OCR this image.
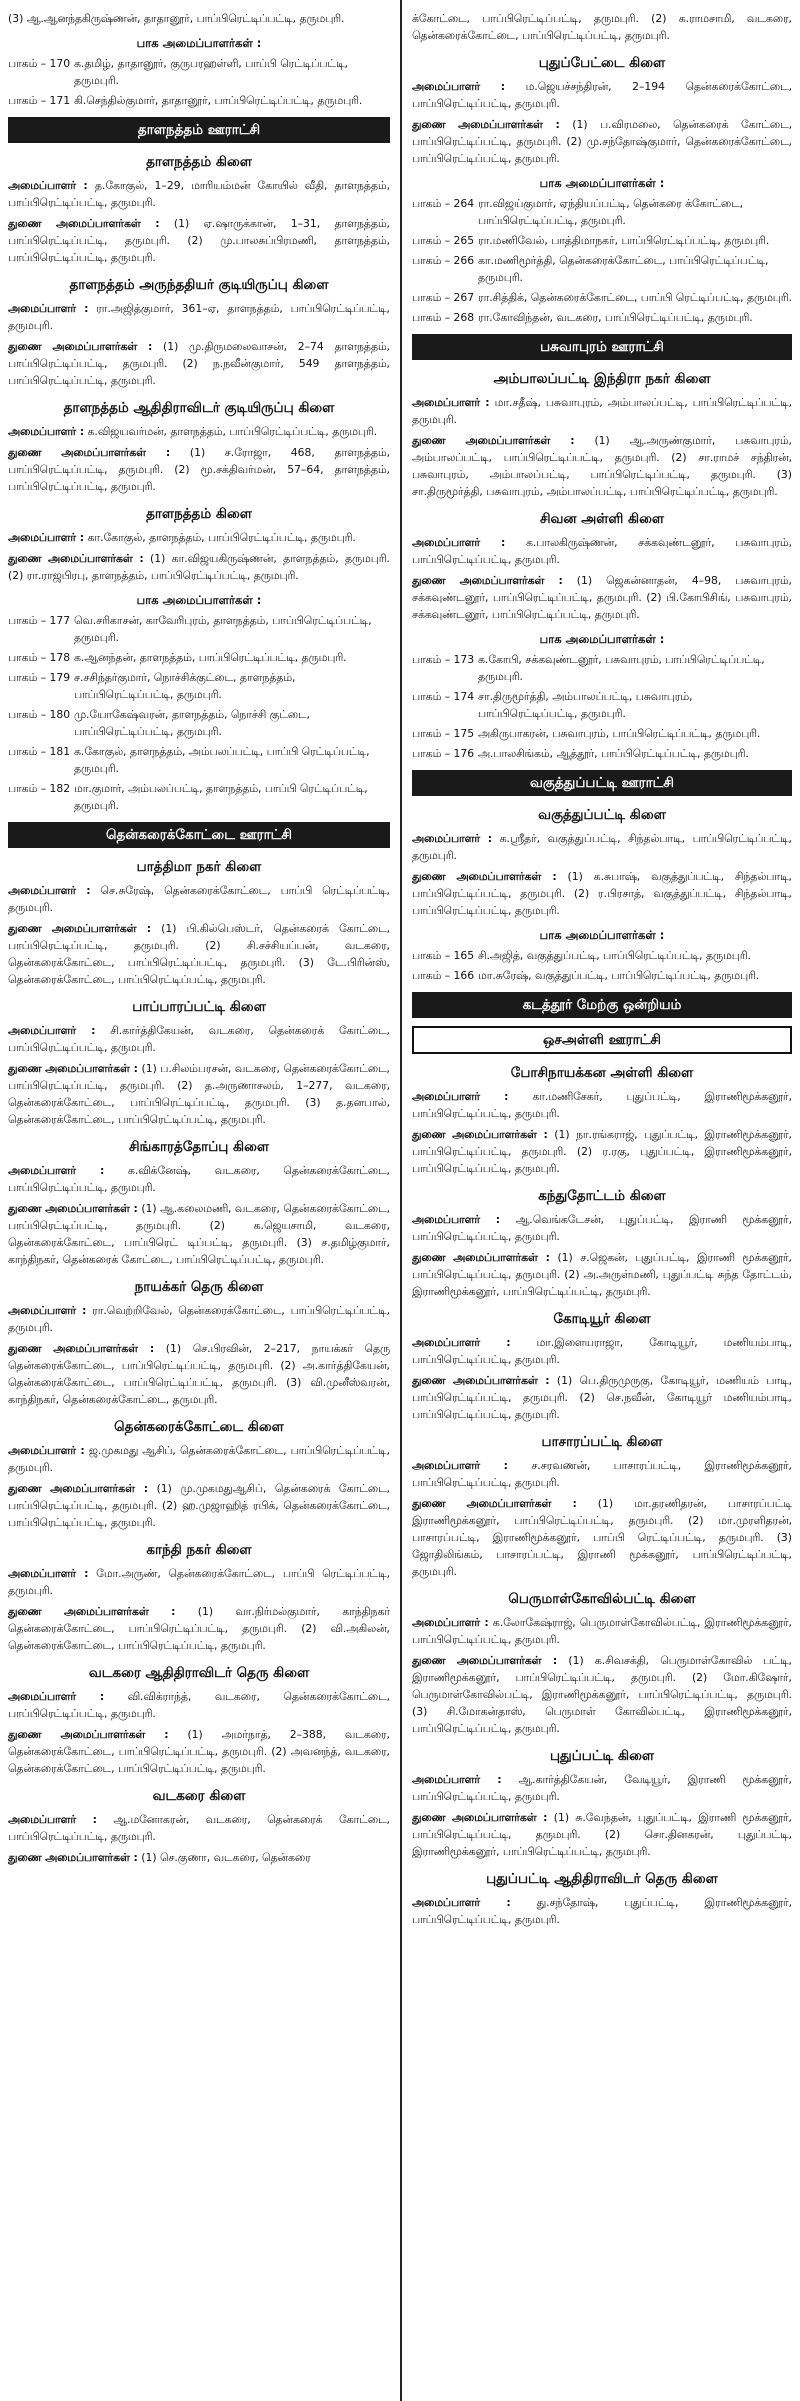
(3) ஆ.ஆனந்தகிருஷ்ணன், தாதானூர், பாப்பிரெட்டிப்பட்டி, தருமபுரி.
பாக அமைப்பாளர்கள் :
பாகம் – 170 க.தமிழ், தாதானூர், குருபரஹள்ளி, பாப்பி ரெட்டிப்பட்டி, தருமபுரி.
பாகம் – 171 கி.செந்தில்குமார், தாதானூர், பாப்பிரெட்டிப்பட்டி, தருமபுரி.
தாளநத்தம் ஊராட்சி
தாளநத்தம் கிளை
அமைப்பாளர் : த.கோகுல், 1–29, மாரியம்மன் கோயில் வீதி, தாளநத்தம், பாப்பிரெட்டிப்பட்டி, தருமபுரி.
துணை அமைப்பாளர்கள் : (1) ஏ.ஷாருக்கான், 1–31, தாளநத்தம், பாப்பிரெட்டிப்பட்டி, தருமபுரி. (2) மு.பாலசுப்பிரமணி, தாளநத்தம், பாப்பிரெட்டிப்பட்டி, தருமபுரி.
தாளநத்தம் அருந்ததியர் குடியிருப்பு கிளை
அமைப்பாளர் : ரா.அஜித்குமார், 361–ஏ, தாளநத்தம், பாப்பிரெட்டிப்பட்டி, தருமபுரி.
துணை அமைப்பாளர்கள் : (1) மு.திருமலைவாசன், 2–74 தாளநத்தம், பாப்பிரெட்டிப்பட்டி, தருமபுரி. (2) ந.நவீன்குமார், 549 தாளநத்தம், பாப்பிரெட்டிப்பட்டி, தருமபுரி.
தாளநத்தம் ஆதிதிராவிடர் குடியிருப்பு கிளை
அமைப்பாளர் : க.விஜயவர்மன், தாளநத்தம், பாப்பிரெட்டிப்பட்டி, தருமபுரி.
துணை அமைப்பாளர்கள் : (1) ச.ரோஜா, 468, தாளநத்தம், பாப்பிரெட்டிப்பட்டி, தருமபுரி. (2) மூ.சக்திவர்மன், 57–64, தாளநத்தம், பாப்பிரெட்டிப்பட்டி, தருமபுரி.
தாளநத்தம் கிளை
அமைப்பாளர் : கா.கோகுல், தாளநத்தம், பாப்பிரெட்டிப்பட்டி, தருமபுரி.
துணை அமைப்பாளர்கள் : (1) கா.விஜயகிருஷ்ணன், தாளநத்தம், தருமபுரி. (2) ரா.ராஜபிரபு, தாளநத்தம், பாப்பிரெட்டிப்பட்டி, தருமபுரி.
பாக அமைப்பாளர்கள் :
பாகம் – 177 வெ.சரிகாசன், காவேரிபுரம், தாளநத்தம், பாப்பிரெட்டிப்பட்டி, தருமபுரி.
பாகம் – 178 க.ஆனந்தன், தாளநத்தம், பாப்பிரெட்டிப்பட்டி, தருமபுரி.
பாகம் – 179 ச.சசிந்தர்குமார், நொச்சிக்குட்டை, தாளநத்தம், பாப்பிரெட்டிப்பட்டி, தருமபுரி.
பாகம் – 180 மு.யோகேஷ்வரன், தாளநத்தம், நொச்சி குட்டை, பாப்பிரெட்டிப்பட்டி, தருமபுரி.
பாகம் – 181 க.கோகுல், தாளநத்தம், அம்பலப்பட்டி, பாப்பி ரெட்டிப்பட்டி, தருமபுரி.
பாகம் – 182 மா.குமார், அம்பலப்பட்டி, தாளநத்தம், பாப்பி ரெட்டிப்பட்டி, தருமபுரி.
தென்கரைக்கோட்டை ஊராட்சி
பாத்திமா நகர் கிளை
அமைப்பாளர் : செ.சுரேஷ், தென்கரைக்கோட்டை, பாப்பி ரெட்டிப்பட்டி, தருமபுரி.
துணை அமைப்பாளர்கள் : (1) பி.கில்பெஸ்டர், தென்கரைக் கோட்டை, பாப்பிரெட்டிப்பட்டி, தருமபுரி. (2) சி.சச்சியப்பன், வடகரை, தென்கரைக்கோட்டை, பாப்பிரெட்டிப்பட்டி, தருமபுரி. (3) டே.பிரின்ஸ், தென்கரைக்கோட்டை, பாப்பிரெட்டிப்பட்டி, தருமபுரி.
பாப்பாரப்பட்டி கிளை
அமைப்பாளர் : சி.கார்த்திகேயன், வடகரை, தென்கரைக் கோட்டை, பாப்பிரெட்டிப்பட்டி, தருமபுரி.
துணை அமைப்பாளர்கள் : (1) ப.சிலம்பரசன், வடகரை, தென்கரைக்கோட்டை, பாப்பிரெட்டிப்பட்டி, தருமபுரி. (2) த.அருணாசலம், 1–277, வடகரை, தென்கரைக்கோட்டை, பாப்பிரெட்டிப்பட்டி, தருமபுரி. (3) த.தனபால், தென்கரைக்கோட்டை, பாப்பிரெட்டிப்பட்டி, தருமபுரி.
சிங்காரத்தோப்பு கிளை
அமைப்பாளர் : க.விக்னேஷ், வடகரை, தென்கரைக்கோட்டை, பாப்பிரெட்டிப்பட்டி, தருமபுரி.
துணை அமைப்பாளர்கள் : (1) ஆ.கலைமணி, வடகரை, தென்கரைக்கோட்டை, பாப்பிரெட்டிப்பட்டி, தருமபுரி. (2) க.ஜெயசாமி, வடகரை, தென்கரைக்கோட்டை, பாப்பிரெட் டிப்பட்டி, தருமபுரி. (3) ச.தமிழ்குமார், காந்திநகர், தென்கரைக் கோட்டை, பாப்பிரெட்டிப்பட்டி, தருமபுரி.
நாயக்கர் தெரு கிளை
அமைப்பாளர் : ரா.வெற்றிவேல், தென்கரைக்கோட்டை, பாப்பிரெட்டிப்பட்டி, தருமபுரி.
துணை அமைப்பாளர்கள் : (1) செ.பிரவின், 2–217, நாயக்கர் தெரு தென்கரைக்கோட்டை, பாப்பிரெட்டிப்பட்டி, தருமபுரி. (2) அ.கார்த்திகேயன், தென்கரைக்கோட்டை, பாப்பிரெட்டிப்பட்டி, தருமபுரி. (3) வி.முனீஸ்வரன், காந்திநகர், தென்கரைக்கோட்டை, தருமபுரி.
தென்கரைக்கோட்டை கிளை
அமைப்பாளர் : ஜ.முகமது ஆசிப், தென்கரைக்கோட்டை, பாப்பிரெட்டிப்பட்டி, தருமபுரி.
துணை அமைப்பாளர்கள் : (1) மு.முகமதுஆசிப், தென்கரைக் கோட்டை, பாப்பிரெட்டிப்பட்டி, தருமபுரி. (2) ஹ.முஜாஹித் ரபிக், தென்கரைக்கோட்டை, பாப்பிரெட்டிப்பட்டி, தருமபுரி.
காந்தி நகர் கிளை
அமைப்பாளர் : மோ.அருண், தென்கரைக்கோட்டை, பாப்பி ரெட்டிப்பட்டி, தருமபுரி.
துணை அமைப்பாளர்கள் : (1) வா.நிர்மல்குமார், காந்திநகர் தென்கரைக்கோட்டை, பாப்பிரெட்டிப்பட்டி, தருமபுரி. (2) வி.அகிலன், தென்கரைக்கோட்டை, பாப்பிரெட்டிப்பட்டி, தருமபுரி.
வடகரை ஆதிதிராவிடர் தெரு கிளை
அமைப்பாளர் : வி.விக்ராந்த், வடகரை, தென்கரைக்கோட்டை, பாப்பிரெட்டிப்பட்டி, தருமபுரி.
துணை அமைப்பாளர்கள் : (1) அமர்நாத், 2–388, வடகரை, தென்கரைக்கோட்டை, பாப்பிரெட்டிப்பட்டி, தருமபுரி. (2) அவனந்த், வடகரை, தென்கரைக்கோட்டை, பாப்பிரெட்டிப்பட்டி, தருமபுரி.
வடகரை கிளை
அமைப்பாளர் : ஆ.மனோகரன், வடகரை, தென்கரைக் கோட்டை, பாப்பிரெட்டிப்பட்டி, தருமபுரி.
துணை அமைப்பாளர்கள் : (1) செ.குணா, வடகரை, தென்கரை
க்கோட்டை, பாப்பிரெட்டிப்பட்டி, தருமபுரி. (2) க.ராமசாமி, வடகரை, தென்கரைக்கோட்டை, பாப்பிரெட்டிப்பட்டி, தருமபுரி.
புதுப்பேட்டை கிளை
அமைப்பாளர் : ம.ஜெயச்சந்திரன், 2–194 தென்கரைக்கோட்டை, பாப்பிரெட்டிப்பட்டி, தருமபுரி.
துணை அமைப்பாளர்கள் : (1) ப.விரமலை, தென்கரைக் கோட்டை, பாப்பிரெட்டிப்பட்டி, தருமபுரி. (2) மு.சந்தோஷ்குமார், தென்கரைக்கோட்டை, பாப்பிரெட்டிப்பட்டி, தருமபுரி.
பாக அமைப்பாளர்கள் :
பாகம் – 264 ரா.விஜய்குமார், ஏந்தியப்பட்டி, தென்கரை க்கோட்டை, பாப்பிரெட்டிப்பட்டி, தருமபுரி.
பாகம் – 265 ரா.மணிவேல், பாத்திமாநகர், பாப்பிரெட்டிப்பட்டி, தருமபுரி.
பாகம் – 266 கா.மணிமூர்த்தி, தென்கரைக்கோட்டை, பாப்பிரெட்டிப்பட்டி, தருமபுரி.
பாகம் – 267 ரா.சித்திக், தென்கரைக்கோட்டை, பாப்பி ரெட்டிப்பட்டி, தருமபுரி.
பாகம் – 268 ரா.கோவிந்தன், வடகரை, பாப்பிரெட்டிப்பட்டி, தருமபுரி.
பசுவாபுரம் ஊராட்சி
அம்பாலப்பட்டி இந்திரா நகர் கிளை
அமைப்பாளர் : மா.சதீஷ், பசுவாபுரம், அம்பாலப்பட்டி, பாப்பிரெட்டிப்பட்டி, தருமபுரி.
துணை அமைப்பாளர்கள் : (1) ஆ.அருண்குமார், பசுவாபுரம், அம்பாலப்பட்டி, பாப்பிரெட்டிப்பட்டி, தருமபுரி. (2) சா.ராமச் சந்திரன், பசுவாபுரம், அம்பாலப்பட்டி, பாப்பிரெட்டிப்பட்டி, தருமபுரி. (3) சா.திருமூர்த்தி, பசுவாபுரம், அம்பாலப்பட்டி, பாப்பிரெட்டிப்பட்டி, தருமபுரி.
சிவன அள்ளி கிளை
அமைப்பாளர் : க.பாலகிருஷ்ணன், சக்கவுண்டனூர், பசுவாபுரம், பாப்பிரெட்டிப்பட்டி, தருமபுரி.
துணை அமைப்பாளர்கள் : (1) ஜெகன்னாதன், 4–98, பசுவாபுரம், சக்கவுண்டனூர், பாப்பிரெட்டிப்பட்டி, தருமபுரி. (2) பி.கோபிசிங், பசுவாபுரம், சக்கவுண்டனூர், பாப்பிரெட்டிப்பட்டி, தருமபுரி.
பாக அமைப்பாளர்கள் :
பாகம் – 173 க.கோபி, சக்கவுண்டனூர், பசுவாபுரம், பாப்பிரெட்டிப்பட்டி, தருமபுரி.
பாகம் – 174 சா.திருமூர்த்தி, அம்பாலப்பட்டி, பசுவாபுரம், பாப்பிரெட்டிப்பட்டி, தருமபுரி.
பாகம் – 175 அகிருபாகரன், பசுவாபுரம், பாப்பிரெட்டிப்பட்டி, தருமபுரி.
பாகம் – 176 அ.பாலசிங்கம், ஆத்தூர், பாப்பிரெட்டிப்பட்டி, தருமபுரி.
வகுத்துப்பட்டி ஊராட்சி
வகுத்துப்பட்டி கிளை
அமைப்பாளர் : க.ஸ்ரீதர், வகுத்துப்பட்டி, சிந்தல்பாடி, பாப்பிரெட்டிப்பட்டி, தருமபுரி.
துணை அமைப்பாளர்கள் : (1) க.சுபாஷ், வகுத்துப்பட்டி, சிந்தல்பாடி, பாப்பிரெட்டிப்பட்டி, தருமபுரி. (2) ர.பிரசாத், வகுத்துப்பட்டி, சிந்தல்பாடி, பாப்பிரெட்டிப்பட்டி, தருமபுரி.
பாக அமைப்பாளர்கள் :
பாகம் – 165 சி.அஜித், வகுத்துப்பட்டி, பாப்பிரெட்டிப்பட்டி, தருமபுரி.
பாகம் – 166 மா.சுரேஷ், வகுத்துப்பட்டி, பாப்பிரெட்டிப்பட்டி, தருமபுரி.
கடத்தூர் மேற்கு ஒன்றியம்
ஒசஅள்ளி ஊராட்சி
போசிநாயக்கன அள்ளி கிளை
அமைப்பாளர் : கா.மணிசேகர், புதுப்பட்டி, இராணிமூக்கனூர், பாப்பிரெட்டிப்பட்டி, தருமபுரி.
துணை அமைப்பாளர்கள் : (1) நா.ரங்கராஜ், புதுப்பட்டி, இராணிமூக்கனூர், பாப்பிரெட்டிப்பட்டி, தருமபுரி. (2) ர.ரகு, புதுப்பட்டி, இராணிமூக்கனூர், பாப்பிரெட்டிப்பட்டி, தருமபுரி.
கந்துதோட்டம் கிளை
அமைப்பாளர் : ஆ.வெங்கடேசன், புதுப்பட்டி, இராணி மூக்கனூர், பாப்பிரெட்டிப்பட்டி, தருமபுரி.
துணை அமைப்பாளர்கள் : (1) ச.ஜெகன், புதுப்பட்டி, இராணி மூக்கனூர், பாப்பிரெட்டிப்பட்டி, தருமபுரி. (2) அ.அருள்மணி, புதுப்பட்டி சுந்த தோட்டம், இராணிமூக்கனூர், பாப்பிரெட்டிப்பட்டி, தருமபுரி.
கோடியூர் கிளை
அமைப்பாளர் : மா.இளையராஜா, கோடியூர், மணியம்பாடி, பாப்பிரெட்டிப்பட்டி, தருமபுரி.
துணை அமைப்பாளர்கள் : (1) பெ.திருமுருகு, கோடியூர், மணியம் பாடி, பாப்பிரெட்டிப்பட்டி, தருமபுரி. (2) செ.நவீன், கோடியூர் மணியம்பாடி, பாப்பிரெட்டிப்பட்டி, தருமபுரி.
பாசாரப்பட்டி கிளை
அமைப்பாளர் : ச.சரவணன், பாசாரப்பட்டி, இராணிமூக்கனூர், பாப்பிரெட்டிப்பட்டி, தருமபுரி.
துணை அமைப்பாளர்கள் : (1) மா.தரணிதரன், பாசாரப்பட்டி இராணிமூக்கனூர், பாப்பிரெட்டிப்பட்டி, தருமபுரி. (2) மா.முரளிதரன், பாசாரப்பட்டி, இராணிமூக்கனூர், பாப்பி ரெட்டிப்பட்டி, தருமபுரி. (3) ஜோதிலிங்கம், பாசாரப்பட்டி, இராணி மூக்கனூர், பாப்பிரெட்டிப்பட்டி, தருமபுரி.
பெருமாள்கோவில்பட்டி கிளை
அமைப்பாளர் : க.லோகேஷ்ராஜ், பெருமாள்கோவில்பட்டி, இராணிமூக்கனூர், பாப்பிரெட்டிப்பட்டி, தருமபுரி.
துணை அமைப்பாளர்கள் : (1) க.சிவசக்தி, பெருமாள்கோவில் பட்டி, இராணிமூக்கனூர், பாப்பிரெட்டிப்பட்டி, தருமபுரி. (2) மோ.கிஷோர், பெருமாள்கோவில்பட்டி, இராணிமூக்கனூர், பாப்பிரெட்டிப்பட்டி, தருமபுரி. (3) சி.மோகன்தாஸ், பெருமாள் கோவில்பட்டி, இராணிமூக்கனூர், பாப்பிரெட்டிப்பட்டி, தருமபுரி.
புதுப்பட்டி கிளை
அமைப்பாளர் : ஆ.கார்த்திகேயன், வேடியூர், இராணி மூக்கனூர், பாப்பிரெட்டிப்பட்டி, தருமபுரி.
துணை அமைப்பாளர்கள் : (1) சு.வேந்தன், புதுப்பட்டி, இராணி மூக்கனூர், பாப்பிரெட்டிப்பட்டி, தருமபுரி. (2) சொ.தினகரன், புதுப்பட்டி, இராணிமூக்கனூர், பாப்பிரெட்டிப்பட்டி, தருமபுரி.
புதுப்பட்டி ஆதிதிராவிடர் தெரு கிளை
அமைப்பாளர் : து.சந்தோஷ், புதுப்பட்டி, இராணிமூக்கனூர், பாப்பிரெட்டிப்பட்டி, தருமபுரி.
